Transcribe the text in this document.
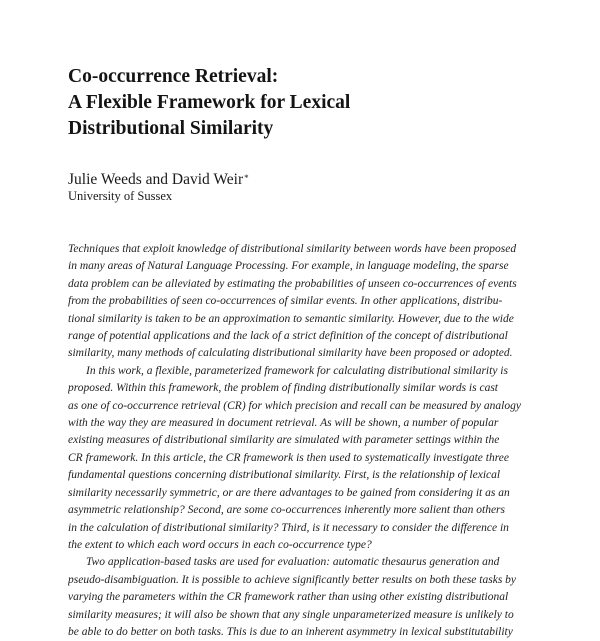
Co-occurrence Retrieval:
A Flexible Framework for Lexical
Distributional Similarity
Julie Weeds and David Weir*
University of Sussex
Techniques that exploit knowledge of distributional similarity between words have been proposed
in many areas of Natural Language Processing. For example, in language modeling, the sparse
data problem can be alleviated by estimating the probabilities of unseen co-occurrences of events
from the probabilities of seen co-occurrences of similar events. In other applications, distribu-
tional similarity is taken to be an approximation to semantic similarity. However, due to the wide
range of potential applications and the lack of a strict definition of the concept of distributional
similarity, many methods of calculating distributional similarity have been proposed or adopted.
In this work, a flexible, parameterized framework for calculating distributional similarity is
proposed. Within this framework, the problem of finding distributionally similar words is cast
as one of co-occurrence retrieval (CR) for which precision and recall can be measured by analogy
with the way they are measured in document retrieval. As will be shown, a number of popular
existing measures of distributional similarity are simulated with parameter settings within the
CR framework. In this article, the CR framework is then used to systematically investigate three
fundamental questions concerning distributional similarity. First, is the relationship of lexical
similarity necessarily symmetric, or are there advantages to be gained from considering it as an
asymmetric relationship? Second, are some co-occurrences inherently more salient than others
in the calculation of distributional similarity? Third, is it necessary to consider the difference in
the extent to which each word occurs in each co-occurrence type?
Two application-based tasks are used for evaluation: automatic thesaurus generation and
pseudo-disambiguation. It is possible to achieve significantly better results on both these tasks by
varying the parameters within the CR framework rather than using other existing distributional
similarity measures; it will also be shown that any single unparameterized measure is unlikely to
be able to do better on both tasks. This is due to an inherent asymmetry in lexical substitutability
